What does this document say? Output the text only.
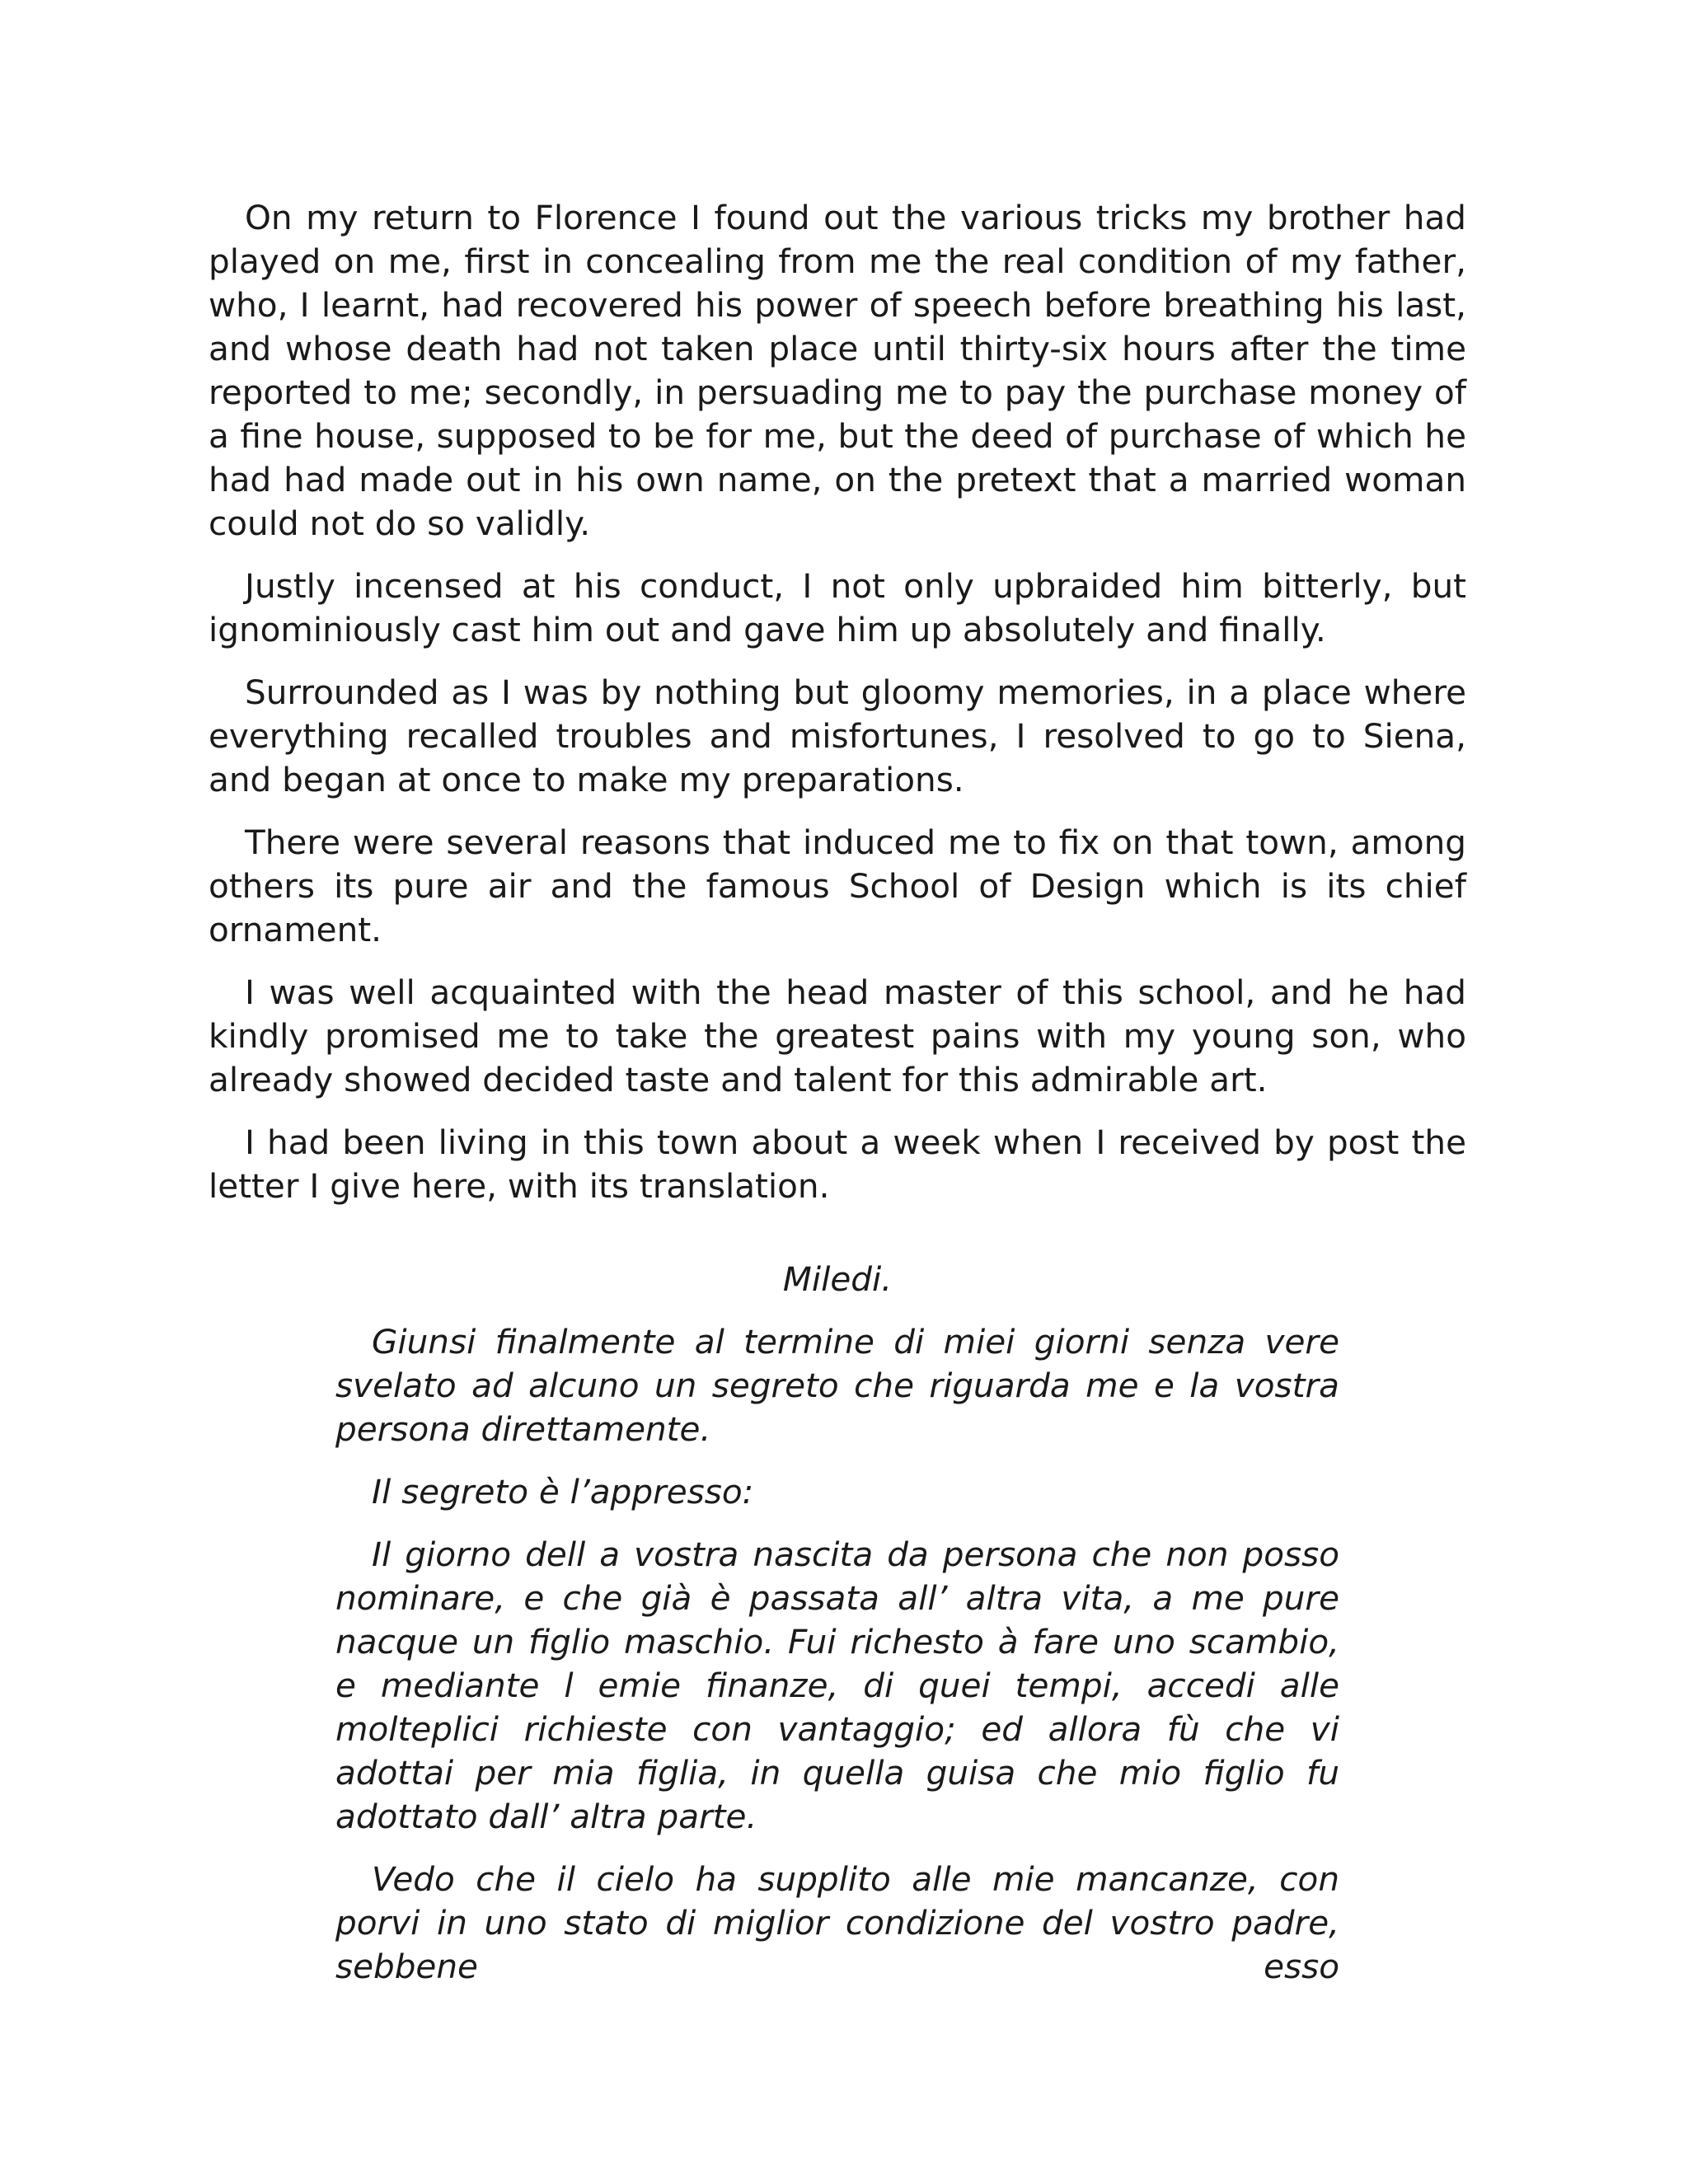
On my return to Florence I found out the various tricks my brother had played on me, first in concealing from me the real condition of my father, who, I learnt, had recovered his power of speech before breathing his last, and whose death had not taken place until thirty-six hours after the time reported to me; secondly, in persuading me to pay the purchase money of a fine house, supposed to be for me, but the deed of purchase of which he had had made out in his own name, on the pretext that a married woman could not do so validly.

Justly incensed at his conduct, I not only upbraided him bitterly, but ignominiously cast him out and gave him up absolutely and finally.

Surrounded as I was by nothing but gloomy memories, in a place where everything recalled troubles and misfortunes, I resolved to go to Siena, and began at once to make my preparations.

There were several reasons that induced me to fix on that town, among others its pure air and the famous School of Design which is its chief ornament.

I was well acquainted with the head master of this school, and he had kindly promised me to take the greatest pains with my young son, who already showed decided taste and talent for this admirable art.

I had been living in this town about a week when I received by post the letter I give here, with its translation.

Miledi.

Giunsi finalmente al termine di miei giorni senza vere svelato ad alcuno un segreto che riguarda me e la vostra persona direttamente.

Il segreto è l’appresso:

Il giorno dell a vostra nascita da persona che non posso nominare, e che già è passata all’ altra vita, a me pure nacque un figlio maschio. Fui richesto à fare uno scambio, e mediante l emie finanze, di quei tempi, accedi alle molteplici richieste con vantaggio; ed allora fù che vi adottai per mia figlia, in quella guisa che mio figlio fu adottato dall’ altra parte.

Vedo che il cielo ha supplito alle mie mancanze, con porvi in uno stato di miglior condizione del vostro padre, sebbene esso
